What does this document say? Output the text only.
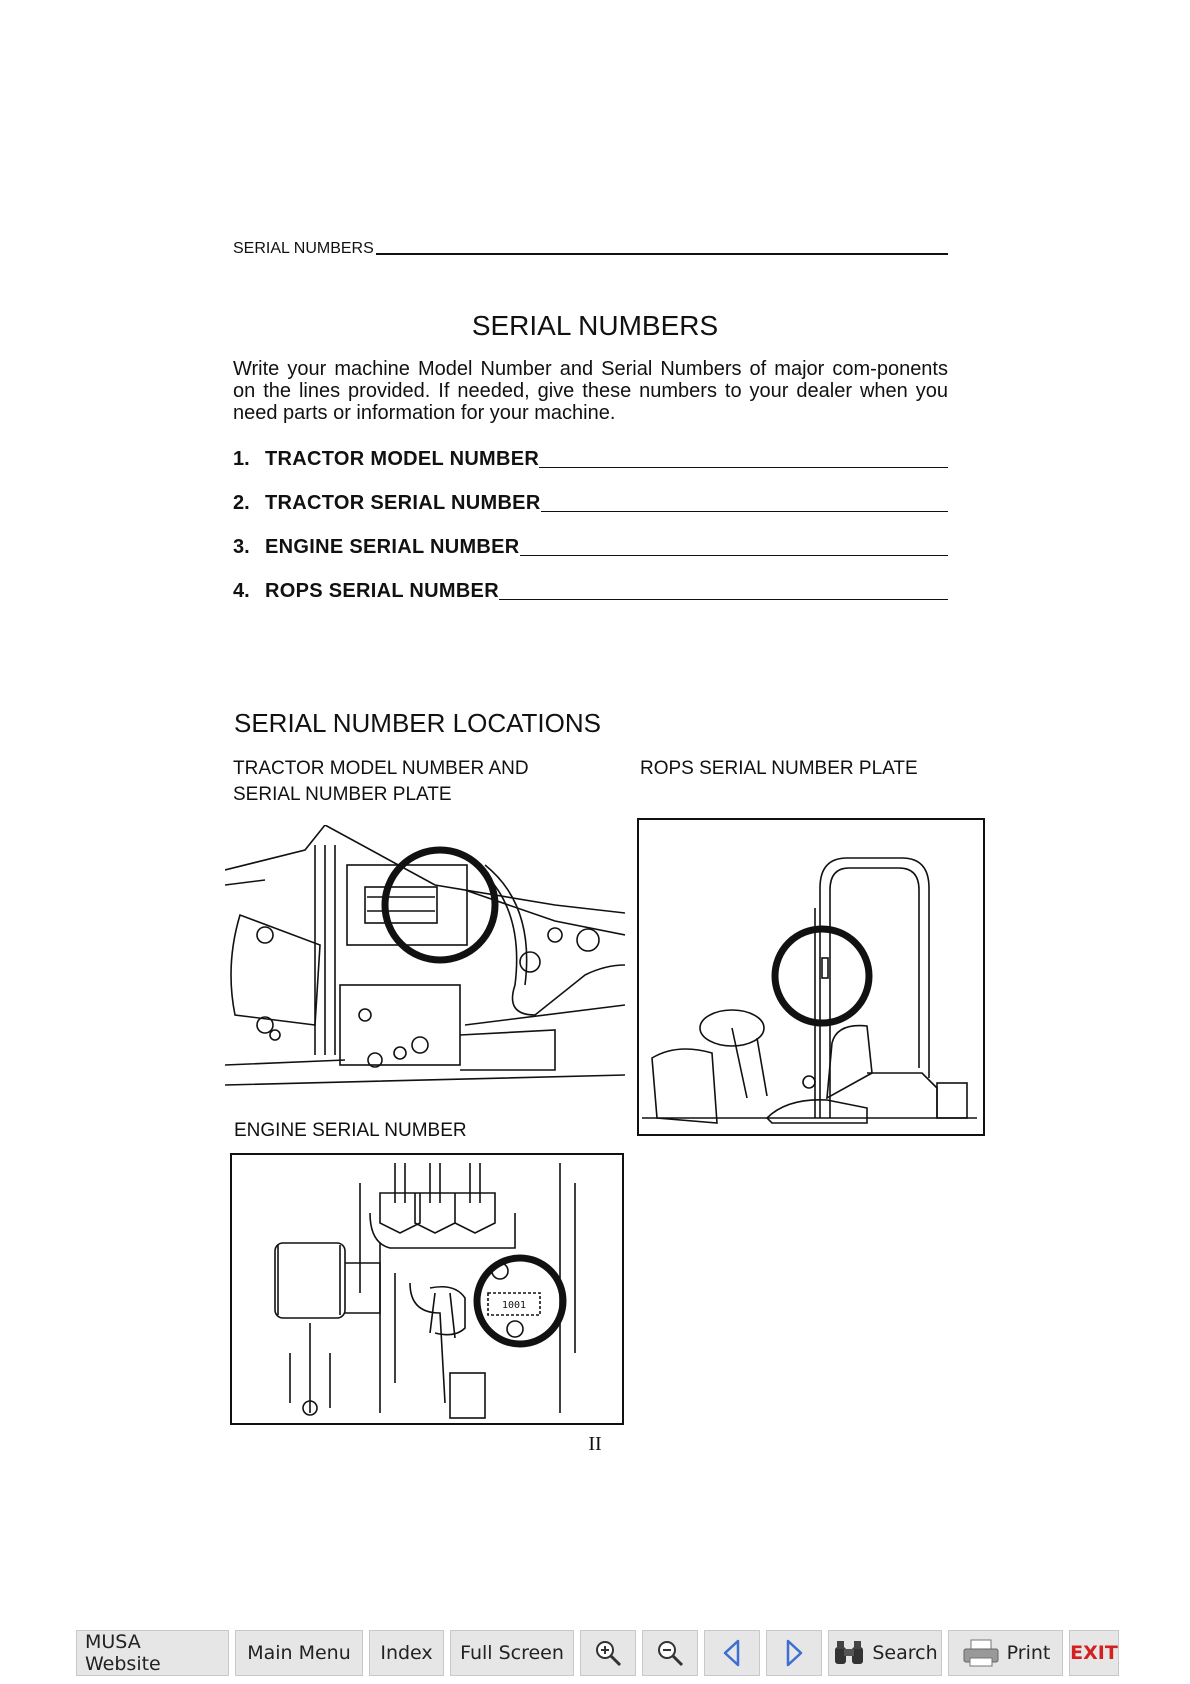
SERIAL NUMBERS
SERIAL NUMBERS
Write your machine Model Number and Serial Numbers of major com-ponents on the lines provided. If needed, give these numbers to your dealer when you need parts or information for your machine.
1. TRACTOR MODEL NUMBER
2. TRACTOR SERIAL NUMBER
3. ENGINE SERIAL NUMBER
4. ROPS SERIAL NUMBER
SERIAL NUMBER LOCATIONS
TRACTOR MODEL NUMBER AND
SERIAL NUMBER PLATE
ROPS SERIAL NUMBER PLATE
ENGINE SERIAL NUMBER
1001
II
MUSA Website	Main Menu	Index	Full Screen	Search	Print EXIT
